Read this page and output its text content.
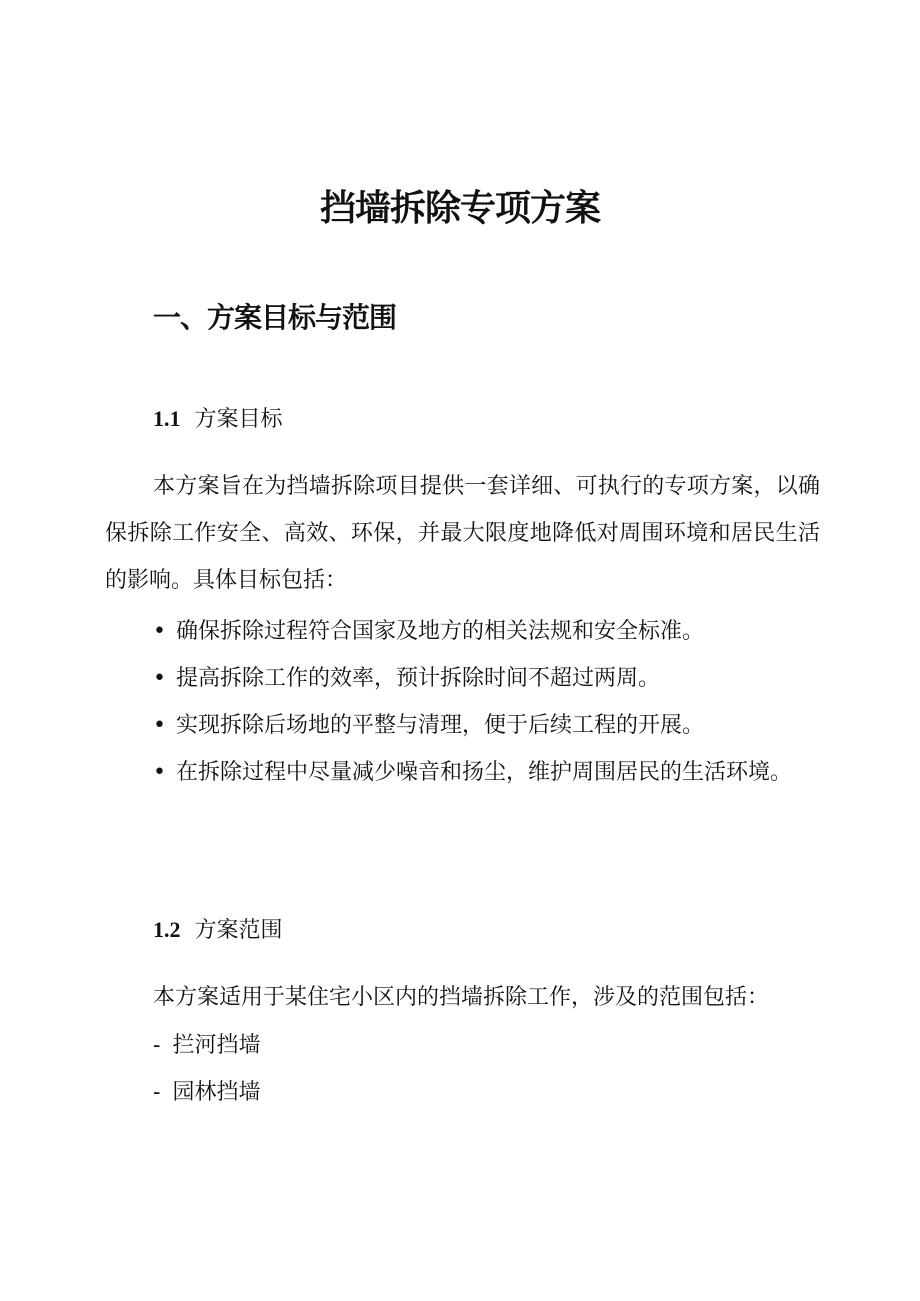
挡墙拆除专项方案
一、方案目标与范围
1.1 方案目标

本方案旨在为挡墙拆除项目提供一套详细、可执行的专项方案，以确保拆除工作安全、高效、环保，并最大限度地降低对周围环境和居民生活的影响。具体目标包括：

• 确保拆除过程符合国家及地方的相关法规和安全标准。
• 提高拆除工作的效率，预计拆除时间不超过两周。
• 实现拆除后场地的平整与清理，便于后续工程的开展。
• 在拆除过程中尽量减少噪音和扬尘，维护周围居民的生活环境。
1.2 方案范围

本方案适用于某住宅小区内的挡墙拆除工作，涉及的范围包括：

- 拦河挡墙
- 园林挡墙
